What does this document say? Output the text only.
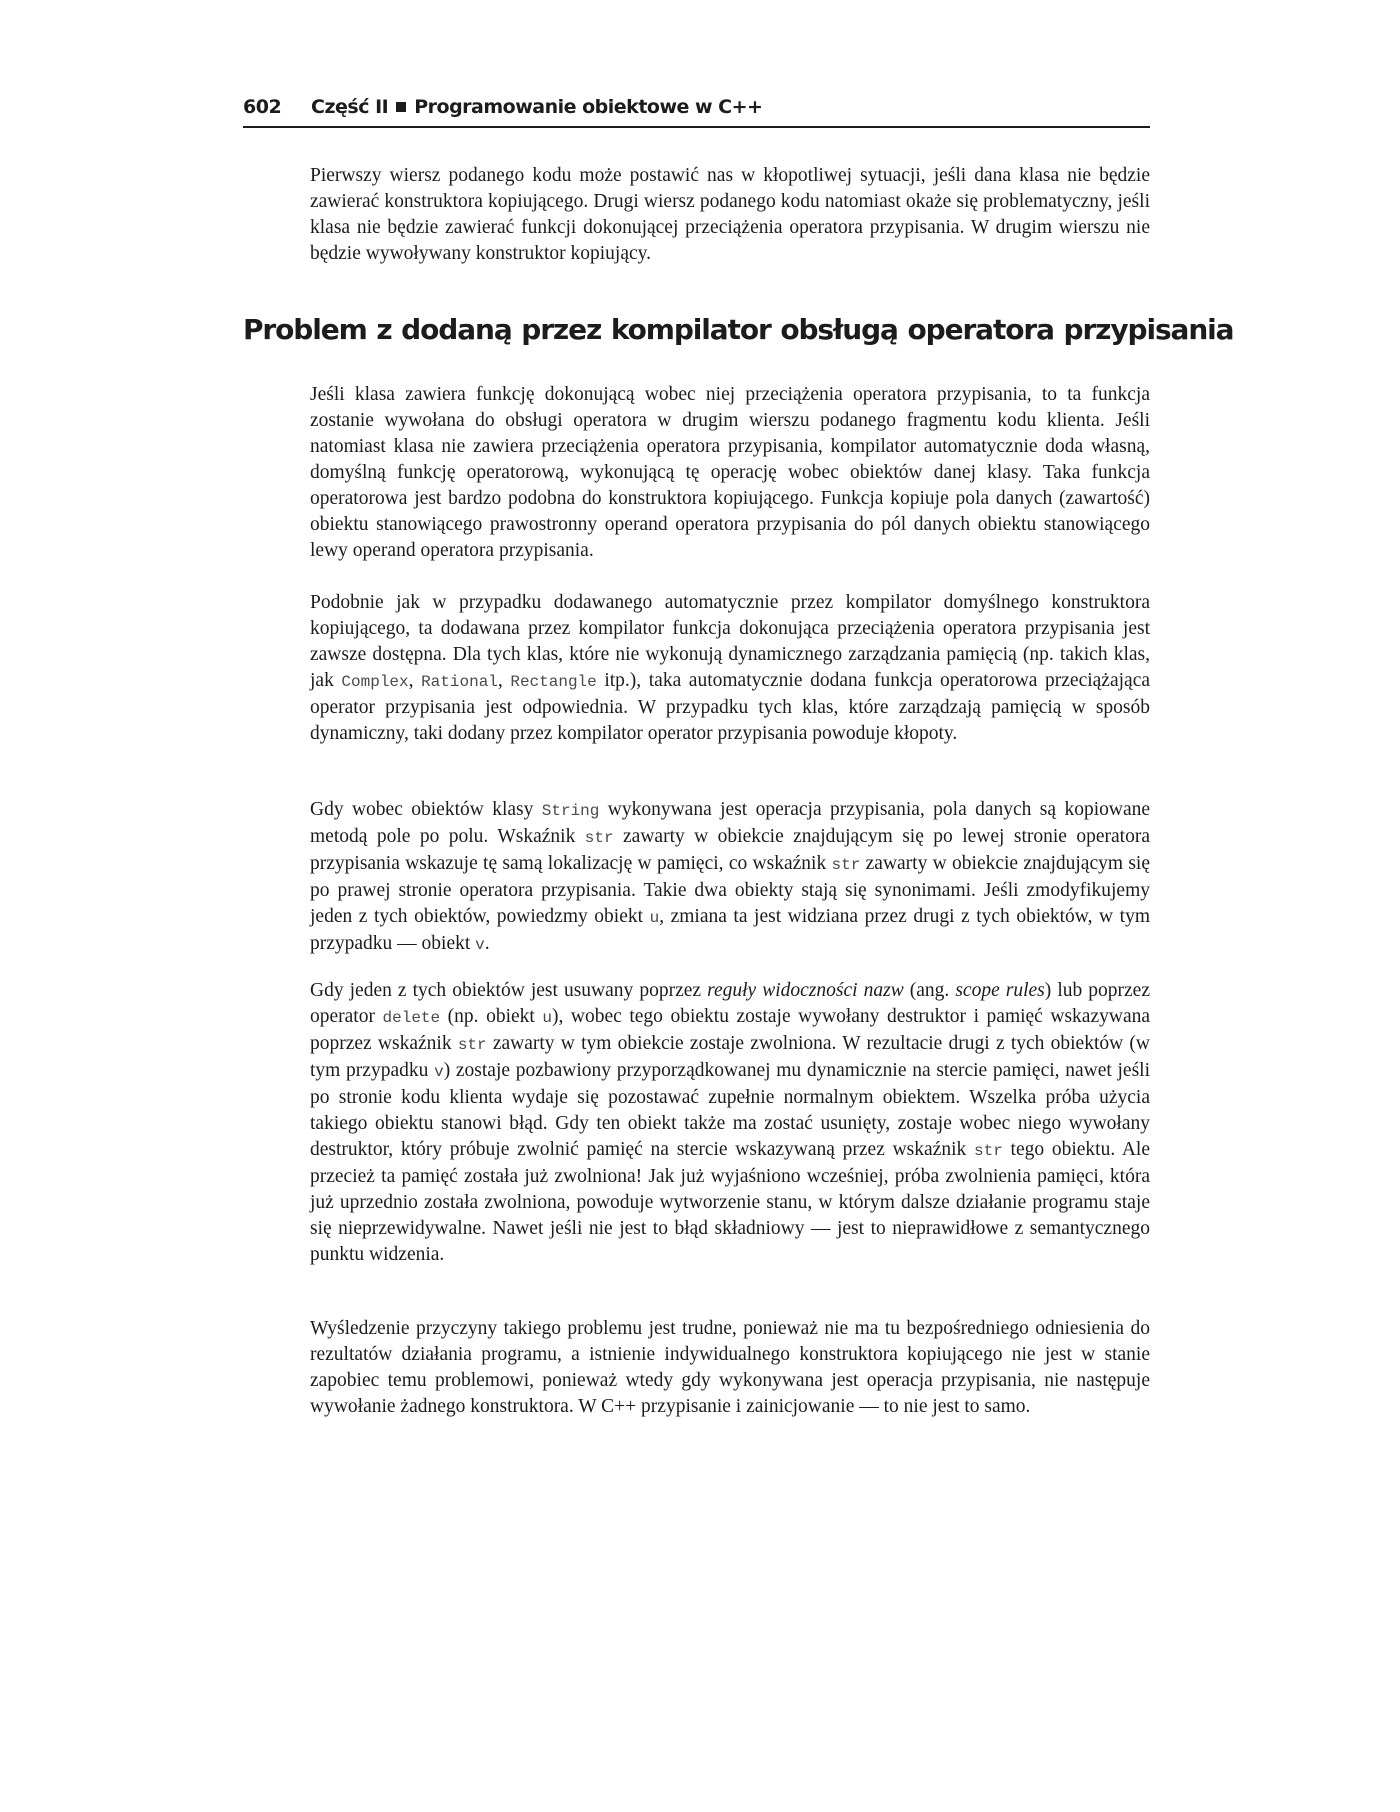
602 Część II Programowanie obiektowe w C++

Pierwszy wiersz podanego kodu może postawić nas w kłopotliwej sytuacji, jeśli dana klasa nie będzie zawierać konstruktora kopiującego. Drugi wiersz podanego kodu natomiast okaże się problematyczny, jeśli klasa nie będzie zawierać funkcji dokonującej przeciążenia operatora przypisania. W drugim wierszu nie będzie wywoływany konstruktor kopiujący.

Problem z dodaną przez kompilator obsługą operatora przypisania

Jeśli klasa zawiera funkcję dokonującą wobec niej przeciążenia operatora przypisania, to ta funkcja zostanie wywołana do obsługi operatora w drugim wierszu podanego fragmentu kodu klienta. Jeśli natomiast klasa nie zawiera przeciążenia operatora przypisania, kompilator automatycznie doda własną, domyślną funkcję operatorową, wykonującą tę operację wobec obiektów danej klasy. Taka funkcja operatorowa jest bardzo podobna do konstruktora kopiującego. Funkcja kopiuje pola danych (zawartość) obiektu stanowiącego prawostronny operand operatora przypisania do pól danych obiektu stanowiącego lewy operand operatora przypisania.

Podobnie jak w przypadku dodawanego automatycznie przez kompilator domyślnego konstruktora kopiującego, ta dodawana przez kompilator funkcja dokonująca przeciążenia operatora przypisania jest zawsze dostępna. Dla tych klas, które nie wykonują dynamicznego zarządzania pamięcią (np. takich klas, jak Complex, Rational, Rectangle itp.), taka automatycznie dodana funkcja operatorowa przeciążająca operator przypisania jest odpowiednia. W przypadku tych klas, które zarządzają pamięcią w sposób dynamiczny, taki dodany przez kompilator operator przypisania powoduje kłopoty.

Gdy wobec obiektów klasy String wykonywana jest operacja przypisania, pola danych są kopiowane metodą pole po polu. Wskaźnik str zawarty w obiekcie znajdującym się po lewej stronie operatora przypisania wskazuje tę samą lokalizację w pamięci, co wskaźnik str zawarty w obiekcie znajdującym się po prawej stronie operatora przypisania. Takie dwa obiekty stają się synonimami. Jeśli zmodyfikujemy jeden z tych obiektów, powiedzmy obiekt u, zmiana ta jest widziana przez drugi z tych obiektów, w tym przypadku — obiekt v.

Gdy jeden z tych obiektów jest usuwany poprzez reguły widoczności nazw (ang. scope rules) lub poprzez operator delete (np. obiekt u), wobec tego obiektu zostaje wywołany destruktor i pamięć wskazywana poprzez wskaźnik str zawarty w tym obiekcie zostaje zwolniona. W rezultacie drugi z tych obiektów (w tym przypadku v) zostaje pozbawiony przyporządkowanej mu dynamicznie na stercie pamięci, nawet jeśli po stronie kodu klienta wydaje się pozostawać zupełnie normalnym obiektem. Wszelka próba użycia takiego obiektu stanowi błąd. Gdy ten obiekt także ma zostać usunięty, zostaje wobec niego wywołany destruktor, który próbuje zwolnić pamięć na stercie wskazywaną przez wskaźnik str tego obiektu. Ale przecież ta pamięć została już zwolniona! Jak już wyjaśniono wcześniej, próba zwolnienia pamięci, która już uprzednio została zwolniona, powoduje wytworzenie stanu, w którym dalsze działanie programu staje się nieprzewidywalne. Nawet jeśli nie jest to błąd składniowy — jest to nieprawidłowe z semantycznego punktu widzenia.

Wyśledzenie przyczyny takiego problemu jest trudne, ponieważ nie ma tu bezpośredniego odniesienia do rezultatów działania programu, a istnienie indywidualnego konstruktora kopiującego nie jest w stanie zapobiec temu problemowi, ponieważ wtedy gdy wykonywana jest operacja przypisania, nie następuje wywołanie żadnego konstruktora. W C++ przypisanie i zainicjowanie — to nie jest to samo.
